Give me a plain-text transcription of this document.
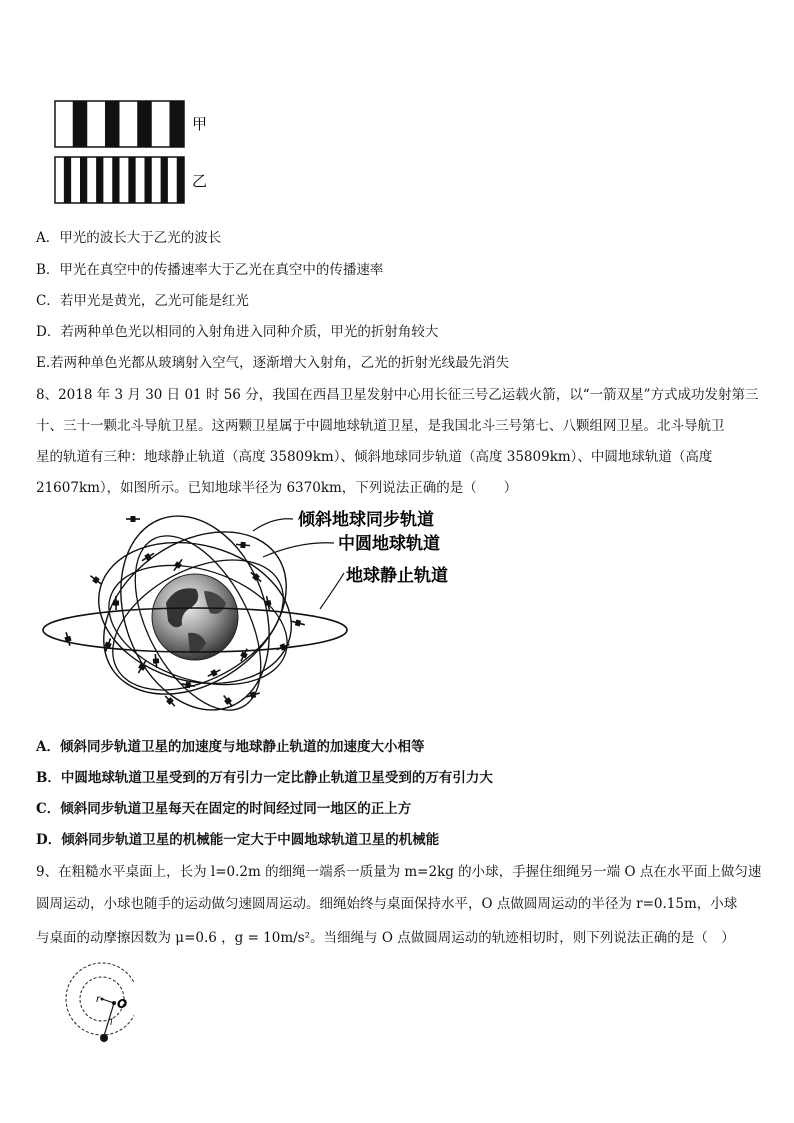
甲
乙
A．甲光的波长大于乙光的波长
B．甲光在真空中的传播速率大于乙光在真空中的传播速率
C．若甲光是黄光，乙光可能是红光
D．若两种单色光以相同的入射角进入同种介质，甲光的折射角较大
E.若两种单色光都从玻璃射入空气，逐渐增大入射角，乙光的折射光线最先消失
8、2018 年 3 月 30 日 01 时 56 分，我国在西昌卫星发射中心用长征三号乙运载火箭，以“一箭双星”方式成功发射第三
十、三十一颗北斗导航卫星。这两颗卫星属于中圆地球轨道卫星，是我国北斗三号第七、八颗组网卫星。北斗导航卫
星的轨道有三种：地球静止轨道（高度 35809km）、倾斜地球同步轨道（高度 35809km）、中圆地球轨道（高度
21607km），如图所示。已知地球半径为 6370km，下列说法正确的是（　　）
倾斜地球同步轨道
中圆地球轨道
地球静止轨道
A．倾斜同步轨道卫星的加速度与地球静止轨道的加速度大小相等
B．中圆地球轨道卫星受到的万有引力一定比静止轨道卫星受到的万有引力大
C．倾斜同步轨道卫星每天在固定的时间经过同一地区的正上方
D．倾斜同步轨道卫星的机械能一定大于中圆地球轨道卫星的机械能
9、在粗糙水平桌面上，长为 l=0.2m 的细绳一端系一质量为 m=2kg 的小球，手握住细绳另一端 O 点在水平面上做匀速
圆周运动，小球也随手的运动做匀速圆周运动。细绳始终与桌面保持水平，O 点做圆周运动的半径为 r=0.15m，小球
与桌面的动摩擦因数为 μ=0.6 ，g = 10m/s²。当细绳与 O 点做圆周运动的轨迹相切时，则下列说法正确的是（　）
r O
l
